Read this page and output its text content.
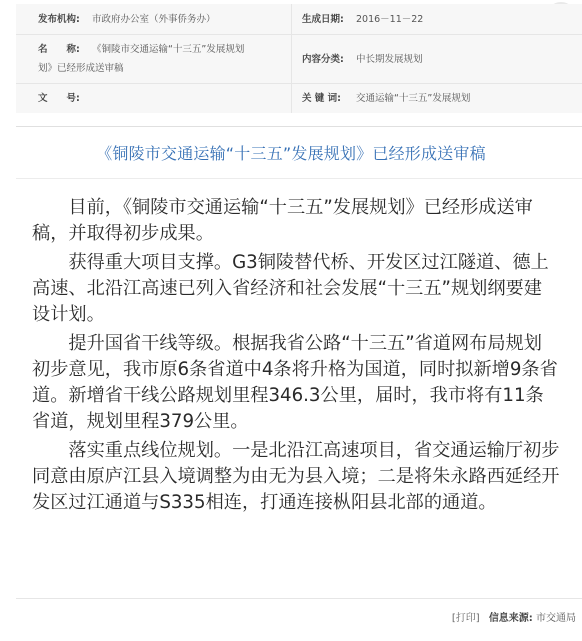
发布机构: 市政府办公室（外事侨务办）	生成日期: 2016－11－22
名　　称: 《铜陵市交通运输“十三五”发展规划
内容分类: 中长期发展规划
划》已经形成送审稿
文　　号:	关 键 词: 交通运输“十三五”发展规划
《铜陵市交通运输“十三五”发展规划》已经形成送审稿

目前，《铜陵市交通运输“十三五”发展规划》已经形成送审稿，并取得初步成果。

获得重大项目支撑。G3铜陵替代桥、开发区过江隧道、德上高速、北沿江高速已列入省经济和社会发展“十三五”规划纲要建设计划。

提升国省干线等级。根据我省公路“十三五”省道网布局规划初步意见，我市原6条省道中4条将升格为国道，同时拟新增9条省道。新增省干线公路规划里程346.3公里，届时，我市将有11条省道，规划里程379公里。

落实重点线位规划。一是北沿江高速项目，省交通运输厅初步同意由原庐江县入境调整为由无为县入境；二是将朱永路西延经开发区过江通道与S335相连，打通连接枞阳县北部的通道。

[打印] 信息来源: 市交通局
